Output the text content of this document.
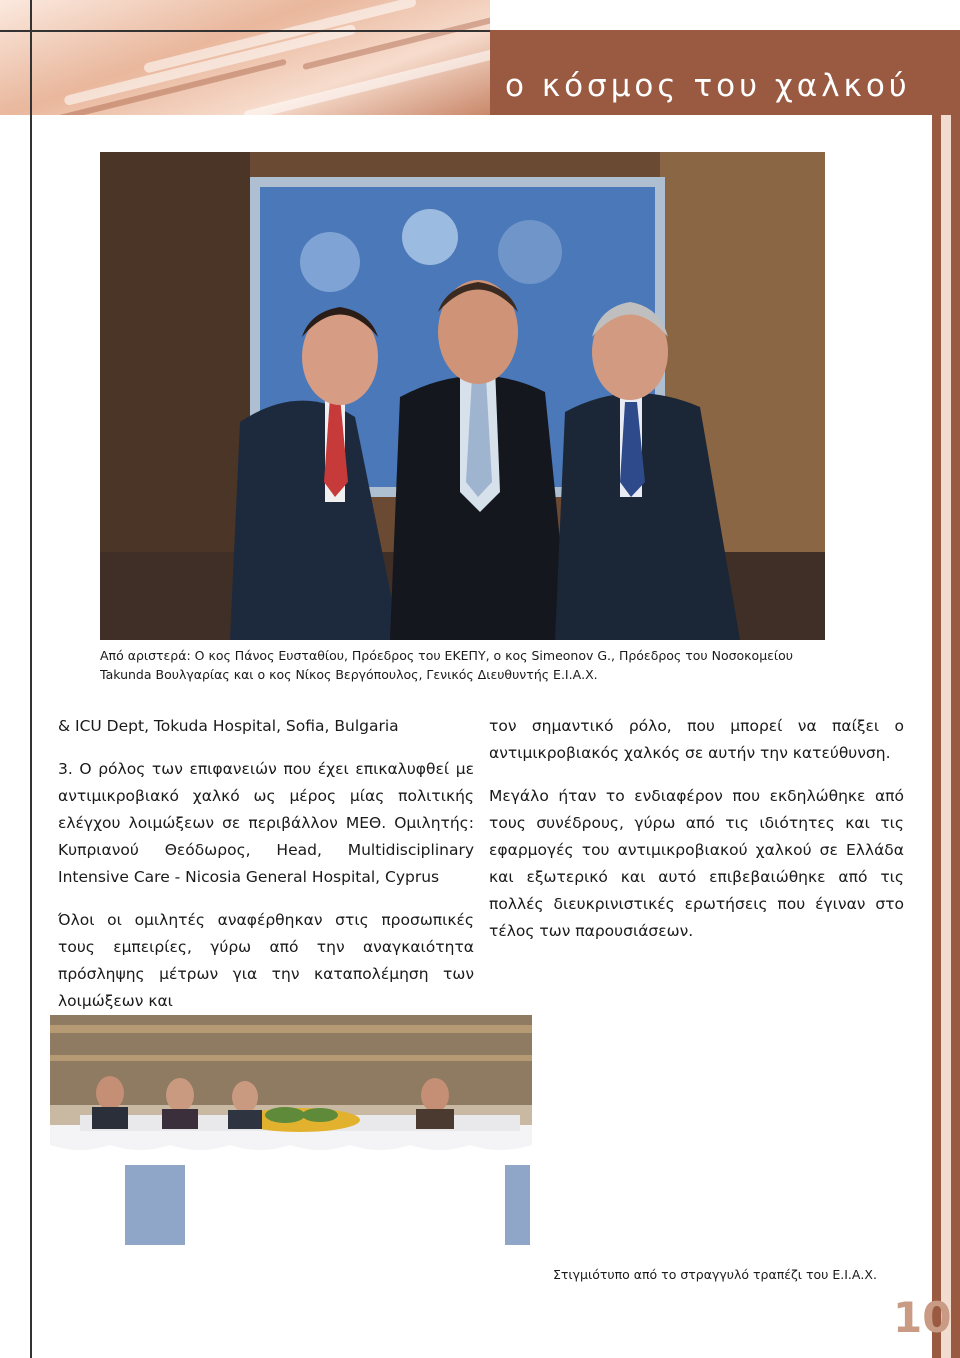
ο κόσμος του χαλκού
Από αριστερά: Ο κος Πάνος Ευσταθίου, Πρόεδρος του ΕΚΕΠΥ, ο κος Simeonov G., Πρόεδρος του Νοσοκομείου Takunda Βουλγαρίας και ο κος Νίκος Βεργόπουλος, Γενικός Διευθυντής Ε.Ι.Α.Χ.

& ICU Dept, Tokuda Hospital, Sofia, Bulgaria

3. Ο ρόλος των επιφανειών που έχει επικαλυφθεί με αντιμικροβιακό χαλκό ως μέρος μίας πολιτικής ελέγχου λοιμώξεων σε περιβάλλον ΜΕΘ. Ομιλητής: Κυπριανού Θεόδωρος, Head, Multidisciplinary Intensive Care - Nicosia General Hospital, Cyprus

Όλοι οι ομιλητές αναφέρθηκαν στις προσωπικές τους εμπειρίες, γύρω από την αναγκαιότητα πρόσληψης μέτρων για την καταπολέμηση των λοιμώξεων και

τον σημαντικό ρόλο, που μπορεί να παίξει ο αντιμικροβιακός χαλκός σε αυτήν την κατεύθυνση.

Μεγάλο ήταν το ενδιαφέρον που εκδηλώθηκε από τους συνέδρους, γύρω από τις ιδιότητες και τις εφαρμογές του αντιμικροβιακού χαλκού σε Ελλάδα και εξωτερικό και αυτό επιβεβαιώθηκε από τις πολλές διευκρινιστικές ερωτήσεις που έγιναν στο τέλος των παρουσιάσεων.

Στιγμιότυπο από το στραγγυλό τραπέζι του Ε.Ι.Α.Χ.
10
